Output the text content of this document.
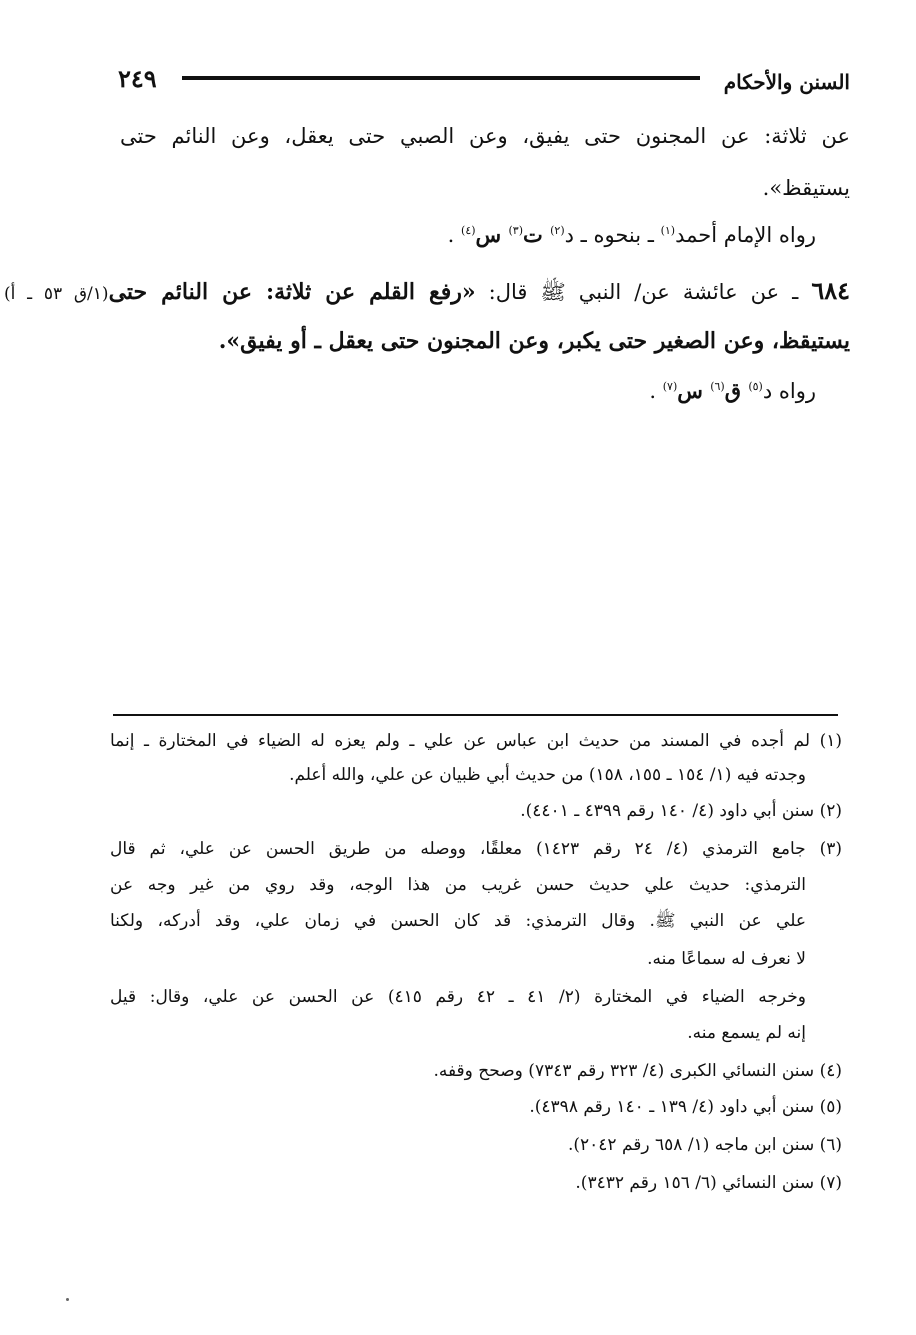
٢٤٩	السنن والأحكام
عن ثلاثة: عن المجنون حتى يفيق، وعن الصبي حتى يعقل، وعن النائم حتى
يستيقظ».
رواه الإمام أحمد$^{(١)}$ ـ بنحوه ـ د$^{(٢)}$ ت$^{(٣)}$ س$^{(٤)}$ .
٦٨٤ ـ عن عائشة عن/ النبي ﷺ قال: «رفع القلم عن ثلاثة: عن النائم حتى(١/ق ٥٣ ـ أ)
يستيقظ، وعن الصغير حتى يكبر، وعن المجنون حتى يعقل ـ أو يفيق».
رواه د$^{(٥)}$ ق$^{(٦)}$ س$^{(٧)}$ .
(١) لم أجده في المسند من حديث ابن عباس عن علي ـ ولم يعزه له الضياء في المختارة ـ إنما
وجدته فيه (١/ ١٥٤ ـ ١٥٥، ١٥٨) من حديث أبي ظبيان عن علي، والله أعلم.
(٢) سنن أبي داود (٤/ ١٤٠ رقم ٤٣٩٩ ـ ٤٤٠١).
(٣) جامع الترمذي (٤/ ٢٤ رقم ١٤٢٣) معلقًا، ووصله من طريق الحسن عن علي، ثم قال
الترمذي: حديث علي حديث حسن غريب من هذا الوجه، وقد روي من غير وجه عن
علي عن النبي ﷺ. وقال الترمذي: قد كان الحسن في زمان علي، وقد أدركه، ولكنا
لا نعرف له سماعًا منه.
وخرجه الضياء في المختارة (٢/ ٤١ ـ ٤٢ رقم ٤١٥) عن الحسن عن علي، وقال: قيل
إنه لم يسمع منه.
(٤) سنن النسائي الكبرى (٤/ ٣٢٣ رقم ٧٣٤٣) وصحح وقفه.
(٥) سنن أبي داود (٤/ ١٣٩ ـ ١٤٠ رقم ٤٣٩٨).
(٦) سنن ابن ماجه (١/ ٦٥٨ رقم ٢٠٤٢).
(٧) سنن النسائي (٦/ ١٥٦ رقم ٣٤٣٢).
